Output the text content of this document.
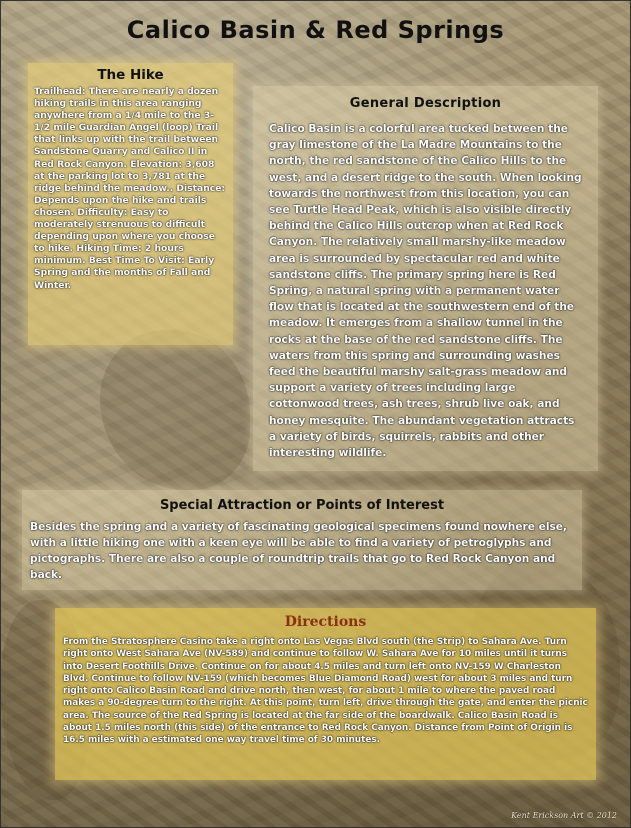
Calico Basin & Red Springs
The Hike

Trailhead: There are nearly a dozen hiking trails in this area ranging anywhere from a 1/4 mile to the 3-1/2 mile Guardian Angel (loop) Trail that links up with the trail between Sandstone Quarry and Calico II in Red Rock Canyon. Elevation: 3,608 at the parking lot to 3,781 at the ridge behind the meadow.. Distance: Depends upon the hike and trails chosen. Difficulty: Easy to moderately strenuous to difficult depending upon where you choose to hike. Hiking Time: 2 hours minimum. Best Time To Visit: Early Spring and the months of Fall and Winter.

General Description

Calico Basin is a colorful area tucked between the gray limestone of the La Madre Mountains to the north, the red sandstone of the Calico Hills to the west, and a desert ridge to the south. When looking towards the northwest from this location, you can see Turtle Head Peak, which is also visible directly behind the Calico Hills outcrop when at Red Rock Canyon. The relatively small marshy-like meadow area is surrounded by spectacular red and white sandstone cliffs. The primary spring here is Red Spring, a natural spring with a permanent water flow that is located at the southwestern end of the meadow. It emerges from a shallow tunnel in the rocks at the base of the red sandstone cliffs. The waters from this spring and surrounding washes feed the beautiful marshy salt-grass meadow and support a variety of trees including large cottonwood trees, ash trees, shrub live oak, and honey mesquite. The abundant vegetation attracts a variety of birds, squirrels, rabbits and other interesting wildlife.

Special Attraction or Points of Interest

Besides the spring and a variety of fascinating geological specimens found nowhere else, with a little hiking one with a keen eye will be able to find a variety of petroglyphs and pictographs. There are also a couple of roundtrip trails that go to Red Rock Canyon and back.

Directions

From the Stratosphere Casino take a right onto Las Vegas Blvd south (the Strip) to Sahara Ave. Turn right onto West Sahara Ave (NV-589) and continue to follow W. Sahara Ave for 10 miles until it turns into Desert Foothills Drive. Continue on for about 4.5 miles and turn left onto NV-159 W Charleston Blvd. Continue to follow NV-159 (which becomes Blue Diamond Road) west for about 3 miles and turn right onto Calico Basin Road and drive north, then west, for about 1 mile to where the paved road makes a 90-degree turn to the right. At this point, turn left, drive through the gate, and enter the picnic area. The source of the Red Spring is located at the far side of the boardwalk. Calico Basin Road is about 1.5 miles north (this side) of the entrance to Red Rock Canyon. Distance from Point of Origin is 16.5 miles with a estimated one way travel time of 30 minutes.

Kent Erickson Art © 2012
